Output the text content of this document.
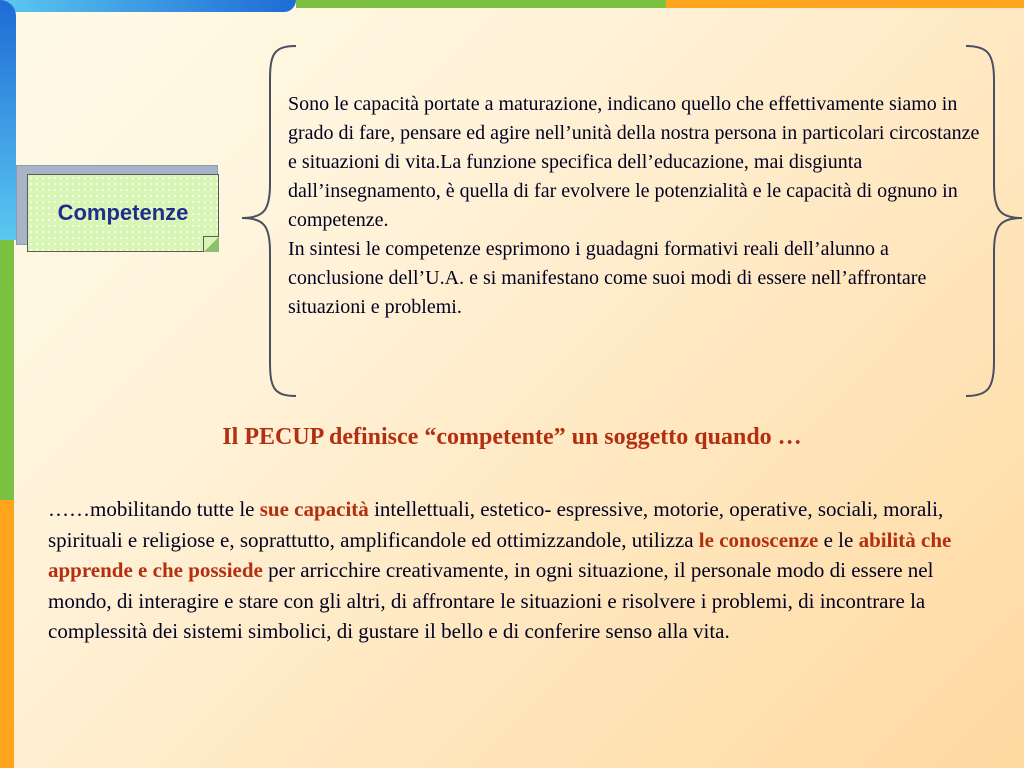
Competenze

Sono le capacità portate a maturazione, indicano quello che effettivamente siamo in grado di fare, pensare ed agire nell’unità della nostra persona in particolari circostanze e situazioni di vita.La funzione specifica dell’educazione, mai disgiunta dall’insegnamento, è quella di far evolvere le potenzialità e le capacità di ognuno in competenze.
In sintesi le competenze esprimono i guadagni formativi reali dell’alunno a conclusione dell’U.A. e si manifestano come suoi modi di essere nell’affrontare situazioni e problemi.

Il PECUP definisce “competente” un soggetto quando …

……mobilitando tutte le sue capacità intellettuali, estetico- espressive, motorie, operative, sociali, morali, spirituali e religiose e, soprattutto, amplificandole ed ottimizzandole, utilizza le conoscenze e le abilità che apprende e che possiede per arricchire creativamente, in ogni situazione, il personale modo di essere nel mondo, di interagire e stare con gli altri, di affrontare le situazioni e risolvere i problemi, di incontrare la complessità dei sistemi simbolici, di gustare il bello e di conferire senso alla vita.
